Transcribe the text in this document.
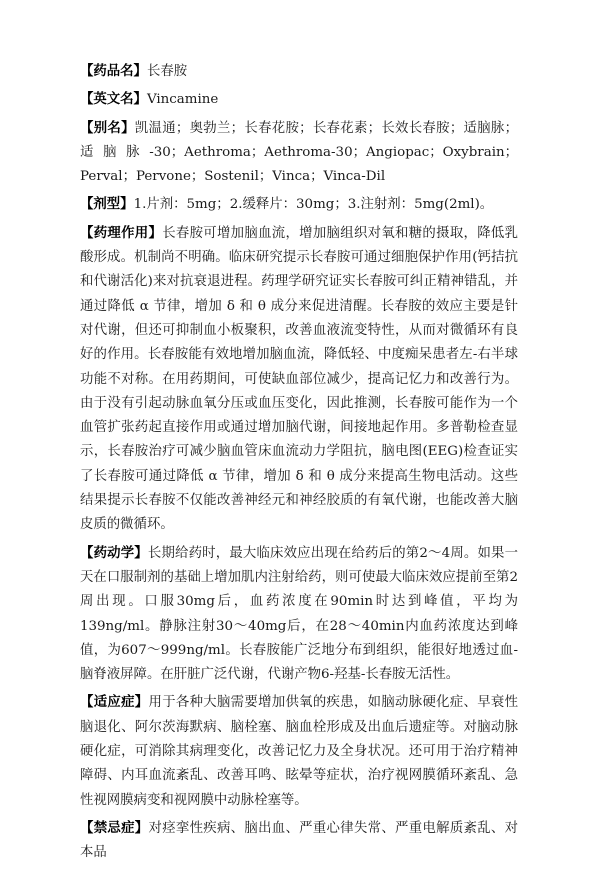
【药品名】长春胺

【英文名】Vincamine

【别名】凯温通；奥勃兰；长春花胺；长春花素；长效长春胺；适脑脉；适脑脉-30；Aethroma；Aethroma-30；Angiopac；Oxybrain；Perval；Pervone；Sostenil；Vinca；Vinca-Dil

【剂型】1.片剂：5mg；2.缓释片：30mg；3.注射剂：5mg(2ml)。

【药理作用】长春胺可增加脑血流，增加脑组织对氧和糖的摄取，降低乳酸形成。机制尚不明确。临床研究提示长春胺可通过细胞保护作用(钙拮抗和代谢活化)来对抗衰退进程。药理学研究证实长春胺可纠正精神错乱，并通过降低 α 节律，增加 δ 和 θ 成分来促进清醒。长春胺的效应主要是针对代谢，但还可抑制血小板聚积，改善血液流变特性，从而对微循环有良好的作用。长春胺能有效地增加脑血流，降低轻、中度痴呆患者左-右半球功能不对称。在用药期间，可使缺血部位减少，提高记忆力和改善行为。由于没有引起动脉血氧分压或血压变化，因此推测，长春胺可能作为一个血管扩张药起直接作用或通过增加脑代谢，间接地起作用。多普勒检查显示，长春胺治疗可减少脑血管床血流动力学阻抗，脑电图(EEG)检查证实了长春胺可通过降低 α 节律，增加 δ 和 θ 成分来提高生物电活动。这些结果提示长春胺不仅能改善神经元和神经胶质的有氧代谢，也能改善大脑皮质的微循环。

【药动学】长期给药时，最大临床效应出现在给药后的第2～4周。如果一天在口服制剂的基础上增加肌内注射给药，则可使最大临床效应提前至第2周出现。口服30mg后，血药浓度在90min时达到峰值，平均为139ng/ml。静脉注射30～40mg后，在28～40min内血药浓度达到峰值，为607～999ng/ml。长春胺能广泛地分布到组织，能很好地透过血-脑脊液屏障。在肝脏广泛代谢，代谢产物6-羟基-长春胺无活性。

【适应症】用于各种大脑需要增加供氧的疾患，如脑动脉硬化症、早衰性脑退化、阿尔茨海默病、脑栓塞、脑血栓形成及出血后遗症等。对脑动脉硬化症，可消除其病理变化，改善记忆力及全身状况。还可用于治疗精神障碍、内耳血流紊乱、改善耳鸣、眩晕等症状，治疗视网膜循环紊乱、急性视网膜病变和视网膜中动脉栓塞等。

【禁忌症】对痉挛性疾病、脑出血、严重心律失常、严重电解质紊乱、对本品
